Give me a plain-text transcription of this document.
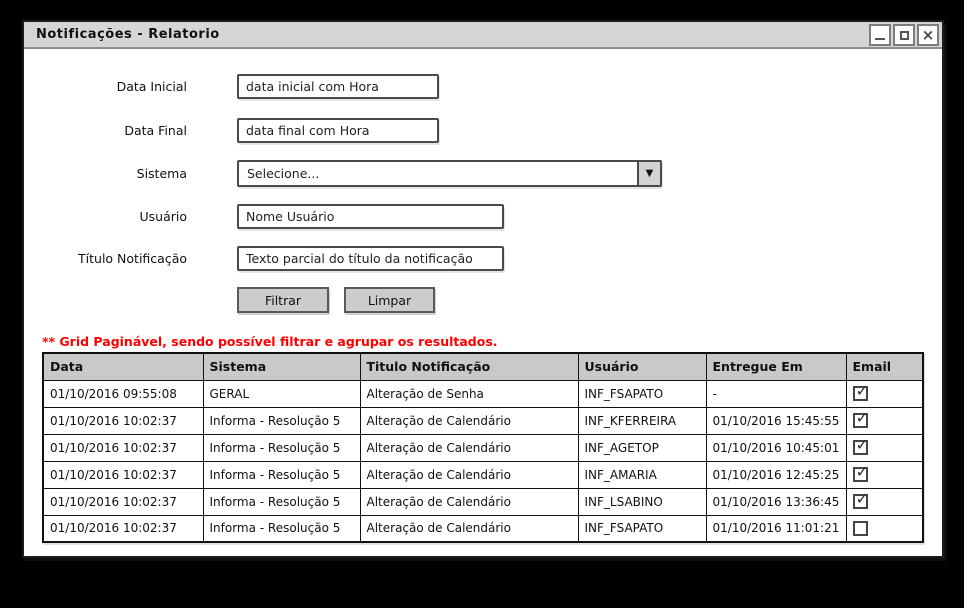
Notificações - Relatorio	×
Data Inicial
data inicial com Hora
Data Final
data final com Hora
Sistema	Selecione...	▼
Usuário
Nome Usuário
Título Notificação
Texto parcial do título da notificação
Filtrar	Limpar
** Grid Paginável, sendo possível filtrar e agrupar os resultados.
Data	Sistema	Titulo Notificação	Usuário	Entregue Em	Email
01/10/2016 09:55:08	GERAL	Alteração de Senha	INF_FSAPATO	-	✓
01/10/2016 10:02:37	Informa - Resolução 5	Alteração de Calendário	INF_KFERREIRA	01/10/2016 15:45:55	✓
01/10/2016 10:02:37	Informa - Resolução 5	Alteração de Calendário	INF_AGETOP	01/10/2016 10:45:01	✓
01/10/2016 10:02:37	Informa - Resolução 5	Alteração de Calendário	INF_AMARIA	01/10/2016 12:45:25	✓
01/10/2016 10:02:37	Informa - Resolução 5	Alteração de Calendário	INF_LSABINO	01/10/2016 13:36:45	✓
01/10/2016 10:02:37	Informa - Resolução 5	Alteração de Calendário	INF_FSAPATO	01/10/2016 11:01:21	
